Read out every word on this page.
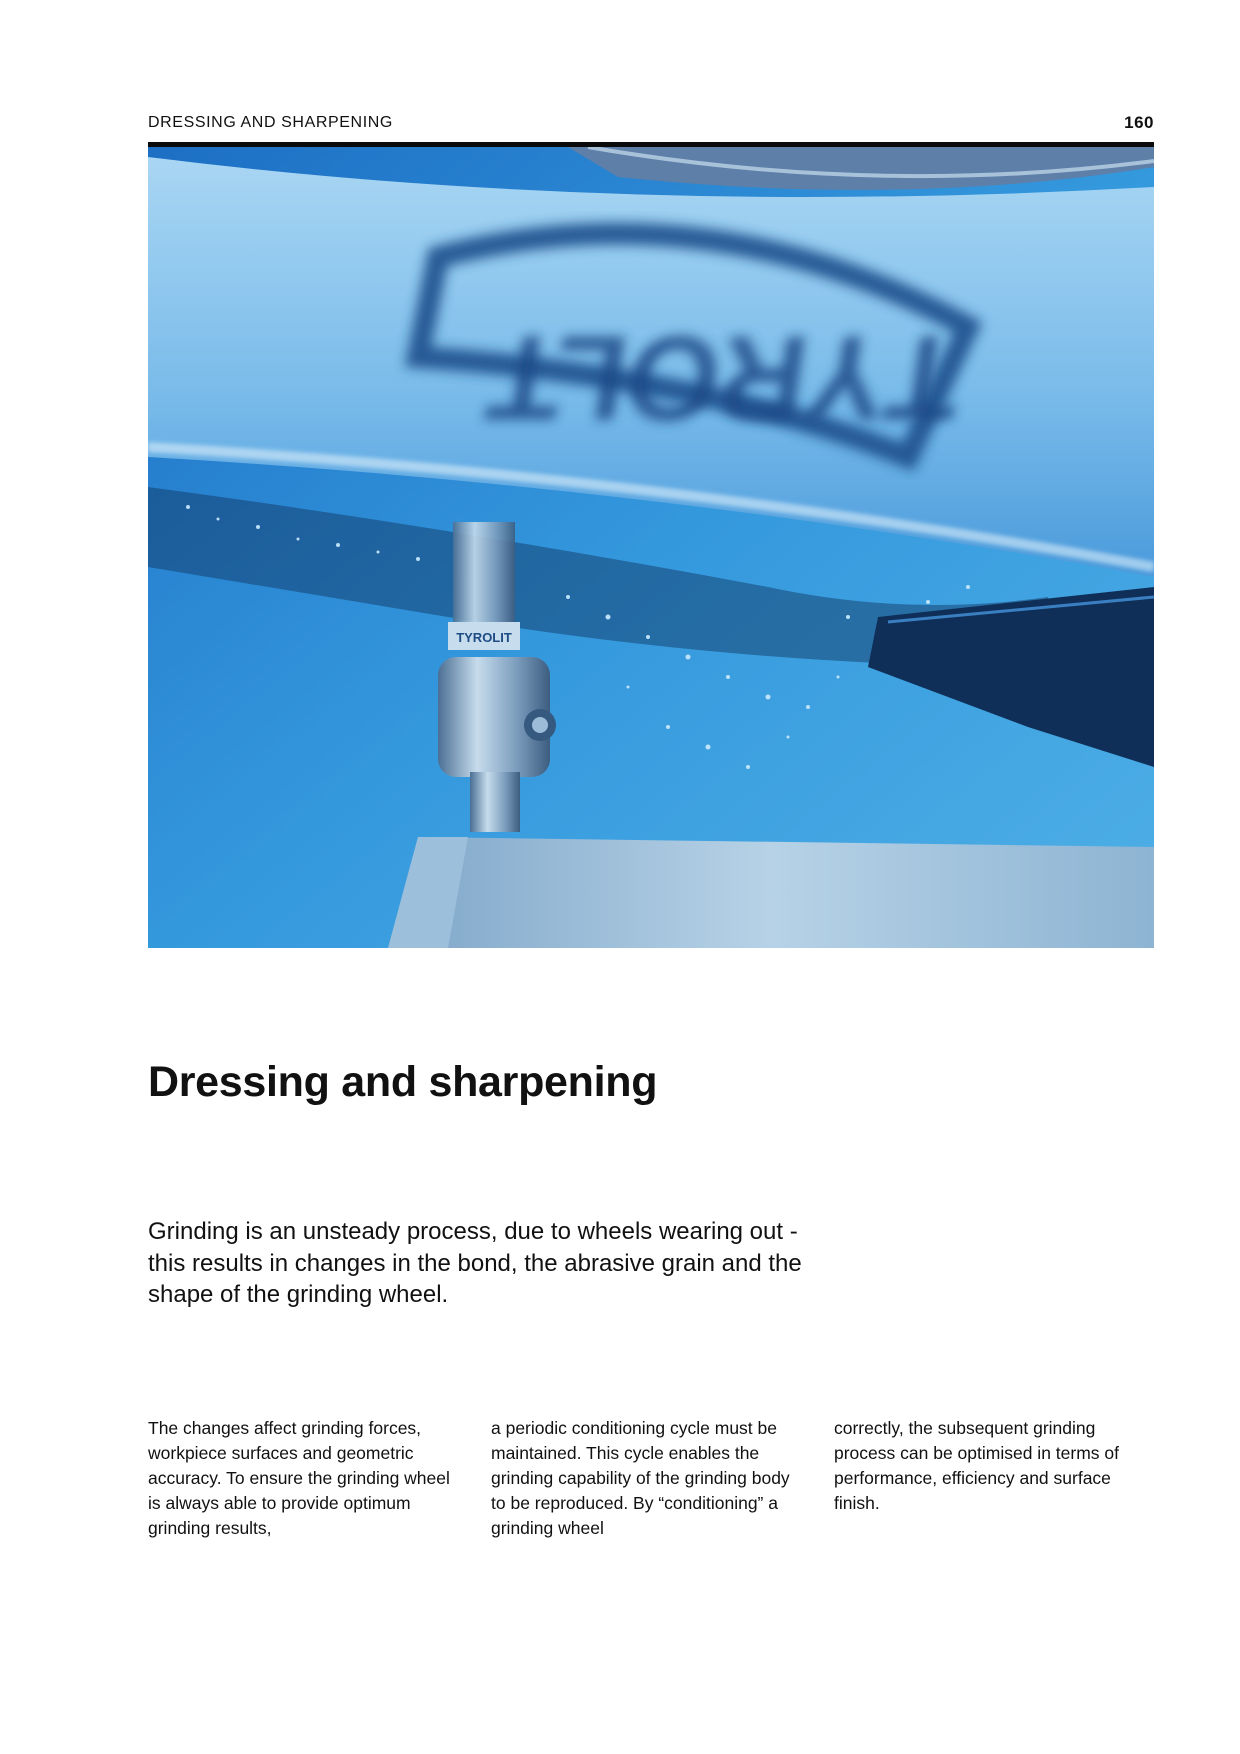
DRESSING AND SHARPENING	160
TYROLT
TYROLIT
Dressing and sharpening

Grinding is an unsteady process, due to wheels wearing out - this results in changes in the bond, the abrasive grain and the shape of the grinding wheel.

The changes affect grinding forces, workpiece surfaces and geometric accuracy. To ensure the grinding wheel is always able to provide optimum grinding results,

a periodic conditioning cycle must be maintained. This cycle enables the grinding capability of the grinding body to be reproduced. By “conditioning” a grinding wheel

correctly, the subsequent grinding process can be optimised in terms of performance, efficiency and surface finish.
